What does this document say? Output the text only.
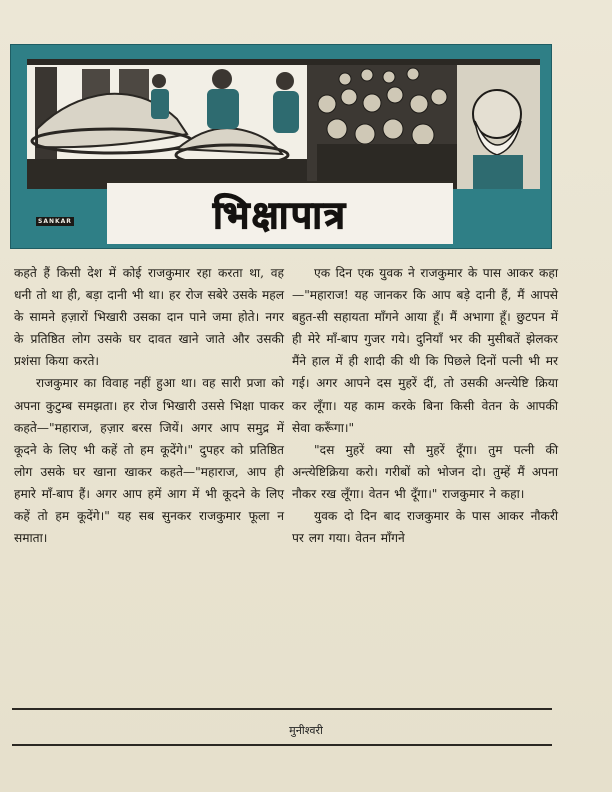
भिक्षापात्र
SANKAR

कहते हैं किसी देश में कोई राजकुमार रहा करता था, वह धनी तो था ही, बड़ा दानी भी था। हर रोज सबेरे उसके महल के सामने हज़ारों भिखारी उसका दान पाने जमा होते। नगर के प्रतिष्ठित लोग उसके घर दावत खाने जाते और उसकी प्रशंसा किया करते।

राजकुमार का विवाह नहीं हुआ था। वह सारी प्रजा को अपना कुटुम्ब समझता। हर रोज भिखारी उससे भिक्षा पाकर कहते—"महाराज, हज़ार बरस जियें। अगर आप समुद्र में कूदने के लिए भी कहें तो हम कूदेंगे।" दुपहर को प्रतिष्ठित लोग उसके घर खाना खाकर कहते—"महाराज, आप ही हमारे माँ-बाप हैं। अगर आप हमें आग में भी कूदने के लिए कहें तो हम कूदेंगे।" यह सब सुनकर राजकुमार फूला न समाता।

एक दिन एक युवक ने राजकुमार के पास आकर कहा—"महाराज! यह जानकर कि आप बड़े दानी हैं, मैं आपसे बहुत-सी सहायता माँगने आया हूँ। मैं अभागा हूँ। छुटपन में ही मेरे माँ-बाप गुजर गये। दुनियाँ भर की मुसीबतें झेलकर मैंने हाल में ही शादी की थी कि पिछले दिनों पत्नी भी मर गई। अगर आपने दस मुहरें दीं, तो उसकी अन्त्येष्टि क्रिया कर लूँगा। यह काम करके बिना किसी वेतन के आपकी सेवा करूँगा।"

"दस मुहरें क्या सौ मुहरें दूँगा। तुम पत्नी की अन्त्येष्टिक्रिया करो। गरीबों को भोजन दो। तुम्हें मैं अपना नौकर रख लूँगा। वेतन भी दूँगा।" राजकुमार ने कहा।

युवक दो दिन बाद राजकुमार के पास आकर नौकरी पर लग गया। वेतन माँगने

मुनीश्वरी
